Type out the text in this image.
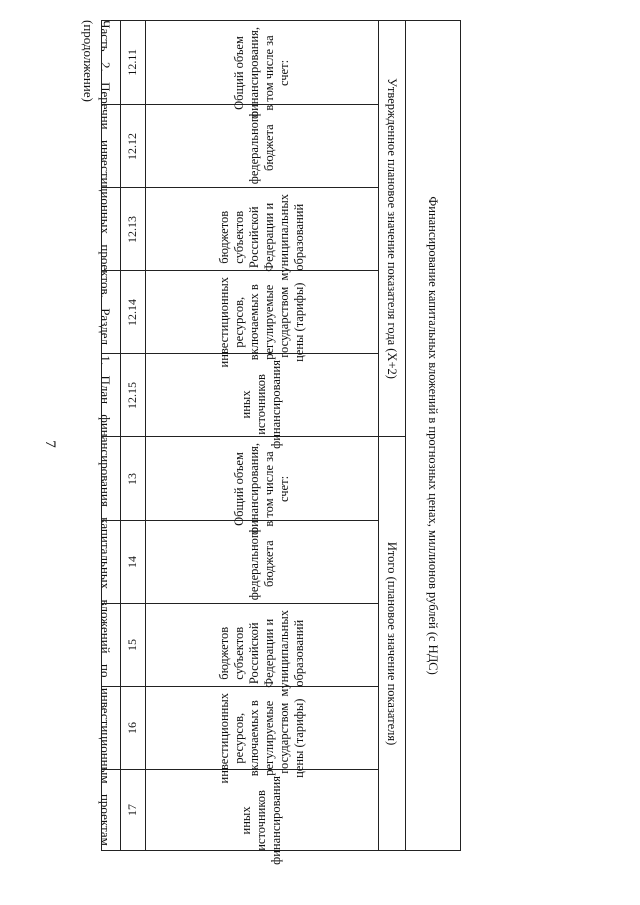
7
Часть
2.
Перечни
инвестиционных
проектов.
Раздел
1.
План
финансирования
капитальных
вложений
по
инвестиционным
проектам
(продолжение)
Финансирование капитальных вложений в прогнозных ценах, миллионов рублей (с НДС)									
Утвержденное плановое значение показателя года (X+2)					Итого (плановое значение показателя)				
Общий объем финансирования, в том числе за счет:	федерального бюджета	бюджетов субъектов Российской Федерации и муниципальных образований	инвестиционных ресурсов, включаемых в регулируемые государством цены (тарифы)	иных источников финансирования	Общий объем финансирования, в том числе за счет:	федерального бюджета	бюджетов субъектов Российской Федерации и муниципальных образований	инвестиционных ресурсов, включаемых в регулируемые государством цены (тарифы)	иных источников финансирования
12.11	12.12	12.13	12.14	12.15	13	14	15	16	17
